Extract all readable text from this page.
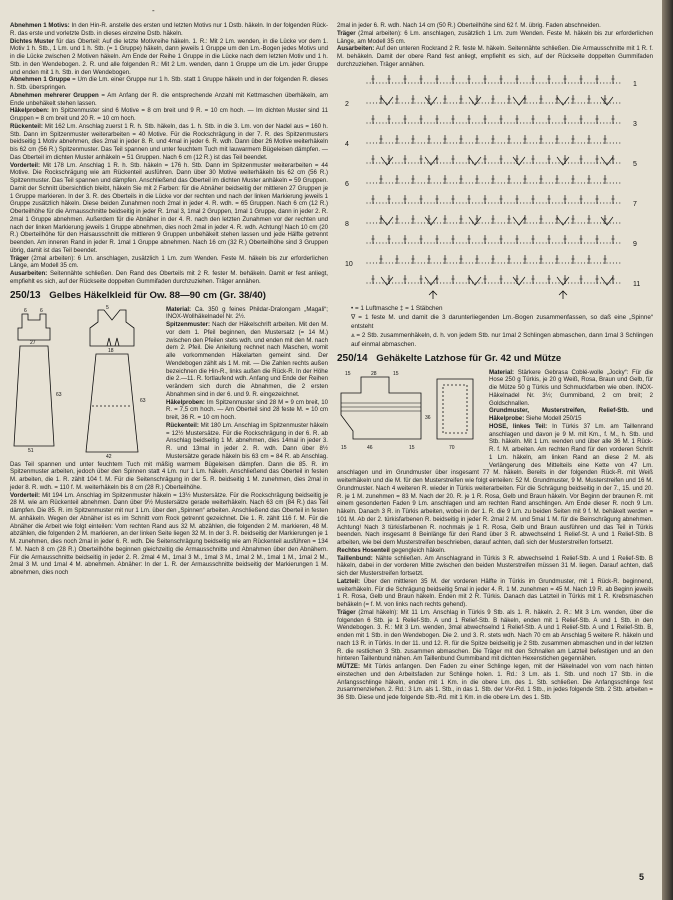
-

Abnehmen 1 Motivs: In den Hin-R. anstelle des ersten und letzten Motivs nur 1 Dstb. häkeln. In der folgenden Rück-R. das erste und vorletzte Dstb. in dieses einzelne Dstb. häkeln.

Dichtes Muster für das Oberteil: Auf die letzte Motivreihe häkeln. 1. R.: Mit 2 Lm. wenden, in die Lücke vor dem 1. Motiv 1 h. Stb., 1 Lm. und 1 h. Stb. (= 1 Gruppe) häkeln, dann jeweils 1 Gruppe um den Lm.-Bogen jedes Motivs und in die Lücke zwischen 2 Motiven häkeln. Am Ende der Reihe 1 Gruppe in die Lücke nach dem letzten Motiv und 1 h. Stb. in den Wendebogen. 2. R. und alle folgenden R.: Mit 2 Lm. wenden, dann 1 Gruppe um die Lm. jeder Gruppe und enden mit 1 h. Stb. in den Wendebogen.

Abnehmen 1 Gruppe = Um die Lm. einer Gruppe nur 1 h. Stb. statt 1 Gruppe häkeln und in der folgenden R. dieses h. Stb. überspringen.

Abnehmen mehrerer Gruppen = Am Anfang der R. die entsprechende Anzahl mit Kettmaschen überhäkeln, am Ende unbehäkelt stehen lassen.

Häkelproben: Im Spitzenmuster sind 6 Motive = 8 cm breit und 9 R. = 10 cm hoch. — Im dichten Muster sind 11 Gruppen = 8 cm breit und 20 R. = 10 cm hoch.

Rückenteil: Mit 162 Lm. Anschlag zuerst 1 R. h. Stb. häkeln, das 1. h. Stb. in die 3. Lm. von der Nadel aus = 160 h. Stb. Dann im Spitzenmuster weiterarbeiten = 40 Motive. Für die Rockschrägung in der 7. R. des Spitzenmusters beidseitig 1 Motiv abnehmen, dies 2mal in jeder 8. R. und 4mal in jeder 6. R. wdh. Dann über 26 Motive weiterhäkeln bis 62 cm (56 R.) Spitzenmuster. Das Teil spannen und unter feuchtem Tuch mit lauwarmem Bügeleisen dämpfen. — Das Oberteil im dichten Muster anhäkeln = 51 Gruppen. Nach 6 cm (12 R.) ist das Teil beendet.

Vorderteil: Mit 178 Lm. Anschlag 1 R. h. Stb. häkeln = 176 h. Stb. Dann im Spitzenmuster weiterarbeiten = 44 Motive. Die Rockschrägung wie am Rückenteil ausführen. Dann über 30 Motive weiterhäkeln bis 62 cm (56 R.) Spitzenmuster. Das Teil spannen und dämpfen. Anschließend das Oberteil im dichten Muster anhäkeln = 59 Gruppen. Damit der Schnitt übersichtlich bleibt, häkeln Sie mit 2 Farben: für die Abnäher beidseitig der mittleren 27 Gruppen je 1 Gruppe markieren. In der 3. R. des Oberteils in die Lücke vor der rechten und nach der linken Markierung jeweils 1 Gruppe zusätzlich häkeln. Diese beiden Zunahmen noch 2mal in jeder 4. R. wdh. = 65 Gruppen. Nach 6 cm (12 R.) Oberteilhöhe für die Armausschnitte beidseitig in jeder R. 1mal 3, 1mal 2 Gruppen, 1mal 1 Gruppe, dann in jeder 2. R. 2mal 1 Gruppe abnehmen. Außerdem für die Abnäher in der 4. R. nach den letzten Zunahmen vor der rechten und nach der linken Markierung jeweils 1 Gruppe abnehmen, dies noch 2mal in jeder 4. R. wdh. Achtung! Nach 10 cm (20 R.) Oberteilhöhe für den Halsausschnitt die mittleren 9 Gruppen unbehäkelt stehen lassen und jede Hälfte getrennt beenden. Am inneren Rand in jeder R. 1mal 1 Gruppe abnehmen. Nach 16 cm (32 R.) Oberteilhöhe sind 3 Gruppen übrig, damit ist das Teil beendet.

Träger (2mal arbeiten): 6 Lm. anschlagen, zusätzlich 1 Lm. zum Wenden. Feste M. häkeln bis zur erforderlichen Länge, am Modell 35 cm.

Ausarbeiten: Seitennähte schließen. Den Rand des Oberteils mit 2 R. fester M. behäkeln. Damit er fest anliegt, empfiehlt es sich, auf der Rückseite doppelten Gummifaden durchzuziehen. Träger annähen.

250/13 Gelbes Häkelkleid für Ow. 88—90 cm (Gr. 38/40)
6	6
27
51
5
18
42
63
63

Material: Ca. 350 g feines Phildar-Dralongarn „Magali“; INOX-Wollhäkelnadel Nr. 2½.

Spitzenmuster: Nach der Häkelschrift arbeiten. Mit den M. vor dem 1. Pfeil beginnen, den Mustersatz (= 14 M.) zwischen den Pfeilen stets wdh. und enden mit den M. nach dem 2. Pfeil. Die Anleitung rechnet nach Maschen, womit alle vorkommenden Häkelarten gemeint sind. Der Wendebogen zählt als 1 M. mit. — Die Zahlen rechts außen bezeichnen die Hin-R., links außen die Rück-R. In der Höhe die 2.—11. R. fortlaufend wdh. Anfang und Ende der Reihen verändern sich durch die Abnahmen, die 2 ersten Abnahmen sind in der 6. und 9. R. eingezeichnet.

Häkelproben: Im Spitzenmuster sind 28 M = 9 cm breit, 10 R. = 7,5 cm hoch. — Am Oberteil sind 28 feste M. = 10 cm breit, 36 R. = 10 cm hoch.

Rückenteil: Mit 180 Lm. Anschlag im Spitzenmuster häkeln = 12½ Mustersätze. Für die Rockschrägung in der 6. R. ab Anschlag beidseitig 1 M. abnehmen, dies 14mal in jeder 3. R. und 13mal in jeder 2. R. wdh. Dann über 8½ Mustersätze gerade häkeln bis 63 cm = 84 R. ab Anschlag. Das Teil spannen und unter feuchtem Tuch mit mäßig warmem Bügeleisen dämpfen. Dann die 85. R. im Spitzenmuster arbeiten, jedoch über den Spinnen statt 4 Lm. nur 1 Lm. häkeln. Anschließend das Oberteil in festen M. arbeiten, die 1. R. zählt 104 f. M. Für die Seitenschrägung in der 5. R. beidseitig 1 M. zunehmen, dies 2mal in jeder 8. R. wdh. = 110 f. M. weiterhäkeln bis 8 cm (28 R.) Oberteilhöhe.

Vorderteil: Mit 194 Lm. Anschlag im Spitzenmuster häkeln = 13½ Mustersätze. Für die Rockschrägung beidseitig je 28 M. wie am Rückenteil abnehmen. Dann über 9½ Mustersätze gerade weiterhäkeln. Nach 63 cm (84 R.) das Teil dämpfen. Die 85. R. im Spitzenmuster mit nur 1 Lm. über den „Spinnen“ arbeiten. Anschließend das Oberteil in festen M. anhäkeln. Wegen der Abnäher ist es im Schnitt vom Rock getrennt gezeichnet. Die 1. R. zählt 116 f. M. Für die Abnäher die Arbeit wie folgt einteilen: Vom rechten Rand aus 32 M. abzählen, die folgenden 2 M. markieren, 48 M. abzählen, die folgenden 2 M. markieren, an der linken Seite liegen 32 M. In der 3. R. beidseitig der Markierungen je 1 M. zunehmen, dies noch 2mal in jeder 6. R. wdh. Die Seitenschrägung beidseitig wie am Rückenteil ausführen = 134 f. M. Nach 8 cm (28 R.) Oberteilhöhe beginnen gleichzeitig die Armausschnitte und Abnahmen über den Abnähern. Für die Armausschnitte beidseitig in jeder 2. R. 2mal 4 M., 1mal 3 M., 1mal 3 M., 1mal 2 M., 1mal 1 M., 1mal 2 M., 2mal 3 M. und 1mal 4 M. abnehmen. Abnäher: In der 1. R. der Armausschnitte beidseitig der Markierungen 1 M. abnehmen, dies noch

2mal in jeder 6. R. wdh. Nach 14 cm (50 R.) Oberteilhöhe sind 62 f. M. übrig. Faden abschneiden.

Träger (2mal arbeiten): 6 Lm. anschlagen, zusätzlich 1 Lm. zum Wenden. Feste M. häkeln bis zur erforderlichen Länge, am Modell 35 cm.

Ausarbeiten: Auf den unteren Rockrand 2 R. feste M. häkeln. Seitennähte schließen. Die Armausschnitte mit 1 R. f. M. behäkeln. Damit der obere Rand fest anliegt, empfiehlt es sich, auf der Rückseite doppelten Gummifaden durchzuziehen. Träger annähen.

11
9
7
5
3
1
10
8
6
4
2
• = 1 Luftmasche ‡ = 1 Stäbchen
∇ = 1 feste M. und damit die 3 darunterliegenden Lm.-Bogen zusammenfassen, so daß eine „Spinne“ entsteht
⩓ = 2 Stb. zusammenhäkeln, d. h. von jedem Stb. nur 1mal 2 Schlingen abmaschen, dann 1mal 3 Schlingen auf einmal abmaschen.
250/14 Gehäkelte Latzhose für Gr. 42 und Mütze
15	28	15
46
15	15
36
70

Material: Stärkere Gebrasa Coblé-wolle „Jocky“: Für die Hose 250 g Türkis, je 20 g Weiß, Rosa, Braun und Gelb, für die Mütze 50 g Türkis und Schmuckfarben wie oben. INOX-Häkelnadel Nr. 3½; Gummiband, 2 cm breit; 2 Goldschnallen.

Grundmuster, Musterstreifen, Relief-Stb. und Häkelprobe: Siehe Modell 250/15

HOSE, linkes Teil: In Türkis 37 Lm. am Taillenrand anschlagen und davon je 9 M. mit Km., f. M., h. Stb. und Stb. häkeln. Mit 1 Lm. wenden und über alle 36 M. 1 Rück-R. f. M. arbeiten. Am rechten Rand für den vorderen Schritt 1 Lm. häkeln, am linken Rand an diese 2 M. als Verlängerung des Mittelteils eine Kette von 47 Lm. anschlagen und im Grundmuster über insgesamt 77 M. häkeln. Bereits in der folgenden Rück-R. mit Weiß weiterhäkeln und die M. für den Musterstreifen wie folgt einteilen: 52 M. Grundmuster, 9 M. Musterstreifen und 16 M. Grundmuster. Nach 4 weiteren R. wieder in Türkis weiterarbeiten. Für die Schrägung beidseitig in der 7., 15. und 20. R. je 1 M. zunehmen = 83 M. Nach der 20. R. je 1 R. Rosa, Gelb und Braun häkeln. Vor Beginn der braunen R. mit einem gesonderten Faden 9 Lm. anschlagen und am rechten Rand anschlingen. Am Ende dieser R. noch 9 Lm. häkeln. Danach 3 R. in Türkis arbeiten, wobei in der 1. R. die 9 Lm. zu beiden Seiten mit 9 f. M. behäkelt werden = 101 M. Ab der 2. türkisfarbenen R. beidseitig in jeder R. 2mal 2 M. und 5mal 1 M. für die Beinschrägung abnehmen. Achtung! Nach 3 türkisfarbenen R. nochmals je 1 R. Rosa, Gelb und Braun ausführen und das Teil in Türkis beenden. Nach insgesamt 8 Beinlänge für den Rand über 3 R. abwechselnd 1 Relief-St. A und 1 Relief-Stb. B arbeiten, wie bei dem Musterstreifen beschrieben, darauf achten, daß sich der Musterstreifen fortsetzt.

Rechtes Hosenteil gegengleich häkeln.

Taillenbund: Nähte schließen. Am Anschlagrand in Türkis 3 R. abwechselnd 1 Relief-Stb. A und 1 Relief-Stb. B häkeln, dabei in der vorderen Mitte zwischen den beiden Musterstreifen müssen 31 M. liegen. Darauf achten, daß sich der Musterstreifen fortsetzt.

Latzteil: Über den mittleren 35 M. der vorderen Hälfte in Türkis im Grundmuster, mit 1 Rück-R. beginnend, weiterhäkeln. Für die Schrägung beidseitig 5mal in jeder 4. R. 1 M. zunehmen = 45 M. Nach 19 R. ab Beginn jeweils 1 R. Rosa, Gelb und Braun häkeln. Enden mit 2 R. Türkis. Danach das Latzteil in Türkis mit 1 R. Krebsmaschen behäkeln (= f. M. von links nach rechts gehend).

Träger (2mal häkeln): Mit 11 Lm. Anschlag in Türkis 9 Stb. als 1. R. häkeln. 2. R.: Mit 3 Lm. wenden, über die folgenden 6 Stb. je 1 Relief-Stb. A und 1 Relief-Stb. B häkeln, enden mit 1 Relief-Stb. A und 1 Stb. in den Wendebogen. 3. R.: Mit 3 Lm. wenden, 3mal abwechselnd 1 Relief-Stb. A und 1 Relief-Stb. A und 1 Relief-Stb. B, enden mit 1 Stb. in den Wendebogen. Die 2. und 3. R. stets wdh. Nach 70 cm ab Anschlag 5 weitere R. häkeln und nach 13 R. in Türkis. In der 11. und 12. R. für die Spitze beidseitig je 2 Stb. zusammen abmaschen und in der letzten R. die restlichen 3 Stb. zusammen abmaschen. Die Träger mit den Schnallen am Latzteil befestigen und an den hinteren Taillenbund nähen. Am Taillenbund Gummiband mit dichten Hexenstichen gegennähen.

MÜTZE: Mit Türkis anfangen. Den Faden zu einer Schlinge legen, mit der Häkelnadel von vorn nach hinten einstechen und den Arbeitsfaden zur Schlinge holen. 1. Rd.: 3 Lm. als 1. Stb. und noch 17 Stb. in die Anfangsschlinge häkeln, enden mit 1 Km. in die obere Lm. des 1. Stb. schließen. Die Anfangsschlinge fest zusammenziehen. 2. Rd.: 3 Lm. als 1. Stb., in das 1. Stb. der Vor-Rd. 1 Stb., in jedes folgende Stb. 2 Stb. arbeiten = 36 Stb. Diese und jede folgende Stb.-Rd. mit 1 Km. in die obere Lm. des 1. Stb.

5
